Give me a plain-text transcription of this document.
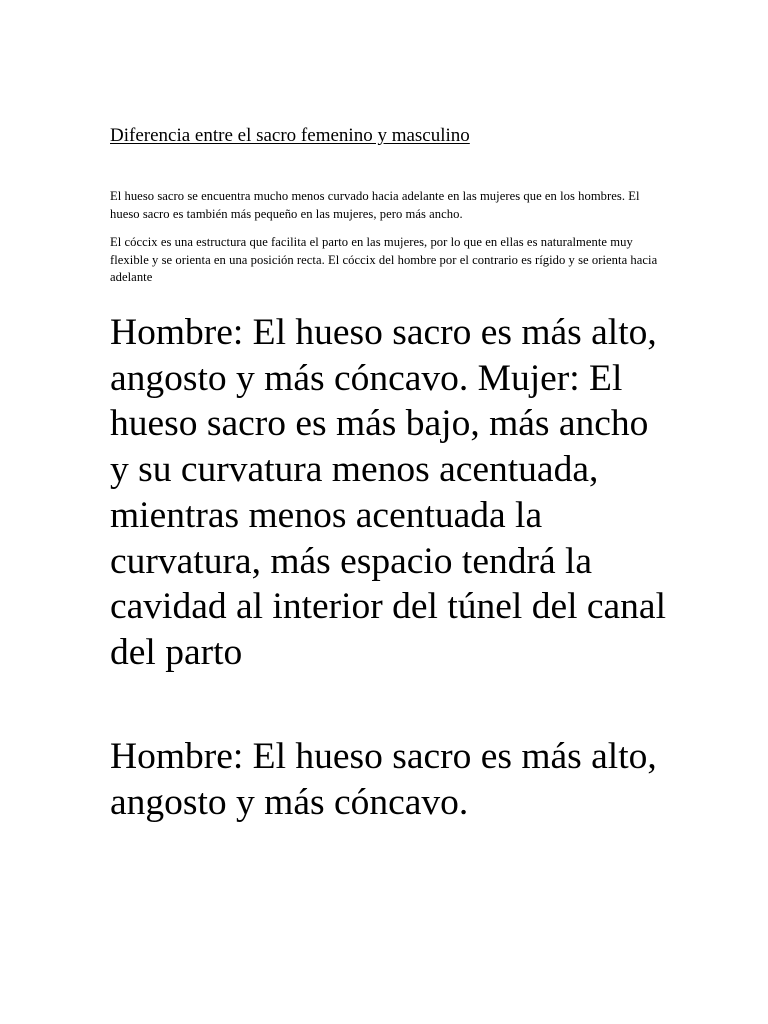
Diferencia entre el sacro femenino y masculino

El hueso sacro se encuentra mucho menos curvado hacia adelante en las mujeres que en los hombres. El hueso sacro es también más pequeño en las mujeres, pero más ancho.

El cóccix es una estructura que facilita el parto en las mujeres, por lo que en ellas es naturalmente muy flexible y se orienta en una posición recta. El cóccix del hombre por el contrario es rígido y se orienta hacia adelante

Hombre: El hueso sacro es más alto, angosto y más cóncavo. Mujer: El hueso sacro es más bajo, más ancho y su curvatura menos acentuada, mientras menos acentuada la curvatura, más espacio tendrá la cavidad al interior del túnel del canal del parto

Hombre: El hueso sacro es más alto, angosto y más cóncavo.
